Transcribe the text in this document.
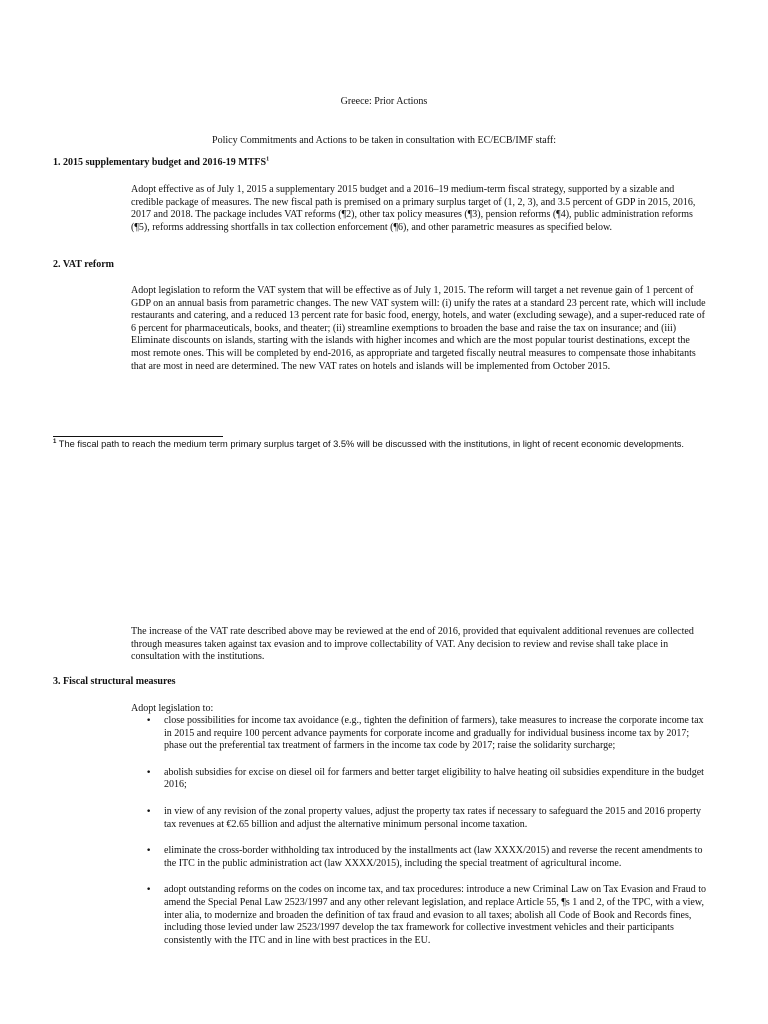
Greece: Prior Actions
Policy Commitments and Actions to be taken in consultation with EC/ECB/IMF staff:
1. 2015 supplementary budget and 2016-19 MTFS$^1$
Adopt effective as of July 1, 2015 a supplementary 2015 budget and a 2016–19 medium-term fiscal strategy, supported by a sizable and credible package of measures. The new fiscal path is premised on a primary surplus target of (1, 2, 3), and 3.5 percent of GDP in 2015, 2016, 2017 and 2018. The package includes VAT reforms (¶2), other tax policy measures (¶3), pension reforms (¶4), public administration reforms (¶5), reforms addressing shortfalls in tax collection enforcement (¶6), and other parametric measures as specified below.
2. VAT reform
Adopt legislation to reform the VAT system that will be effective as of July 1, 2015. The reform will target a net revenue gain of 1 percent of GDP on an annual basis from parametric changes. The new VAT system will: (i) unify the rates at a standard 23 percent rate, which will include restaurants and catering, and a reduced 13 percent rate for basic food, energy, hotels, and water (excluding sewage), and a super-reduced rate of 6 percent for pharmaceuticals, books, and theater; (ii) streamline exemptions to broaden the base and raise the tax on insurance; and (iii) Eliminate discounts on islands, starting with the islands with higher incomes and which are the most popular tourist destinations, except the most remote ones. This will be completed by end-2016, as appropriate and targeted fiscally neutral measures to compensate those inhabitants that are most in need are determined. The new VAT rates on hotels and islands will be implemented from October 2015.
$^1$ The fiscal path to reach the medium term primary surplus target of 3.5% will be discussed with the institutions, in light of recent economic developments.
The increase of the VAT rate described above may be reviewed at the end of 2016, provided that equivalent additional revenues are collected through measures taken against tax evasion and to improve collectability of VAT. Any decision to review and revise shall take place in consultation with the institutions.
3. Fiscal structural measures
Adopt legislation to:
• close possibilities for income tax avoidance (e.g., tighten the definition of farmers), take measures to increase the corporate income tax in 2015 and require 100 percent advance payments for corporate income and gradually for individual business income tax by 2017; phase out the preferential tax treatment of farmers in the income tax code by 2017; raise the solidarity surcharge;
• abolish subsidies for excise on diesel oil for farmers and better target eligibility to halve heating oil subsidies expenditure in the budget 2016;
• in view of any revision of the zonal property values, adjust the property tax rates if necessary to safeguard the 2015 and 2016 property tax revenues at €2.65 billion and adjust the alternative minimum personal income taxation.
• eliminate the cross-border withholding tax introduced by the installments act (law XXXX/2015) and reverse the recent amendments to the ITC in the public administration act (law XXXX/2015), including the special treatment of agricultural income.
• adopt outstanding reforms on the codes on income tax, and tax procedures: introduce a new Criminal Law on Tax Evasion and Fraud to amend the Special Penal Law 2523/1997 and any other relevant legislation, and replace Article 55, ¶s 1 and 2, of the TPC, with a view, inter alia, to modernize and broaden the definition of tax fraud and evasion to all taxes; abolish all Code of Book and Records fines, including those levied under law 2523/1997 develop the tax framework for collective investment vehicles and their participants consistently with the ITC and in line with best practices in the EU.
